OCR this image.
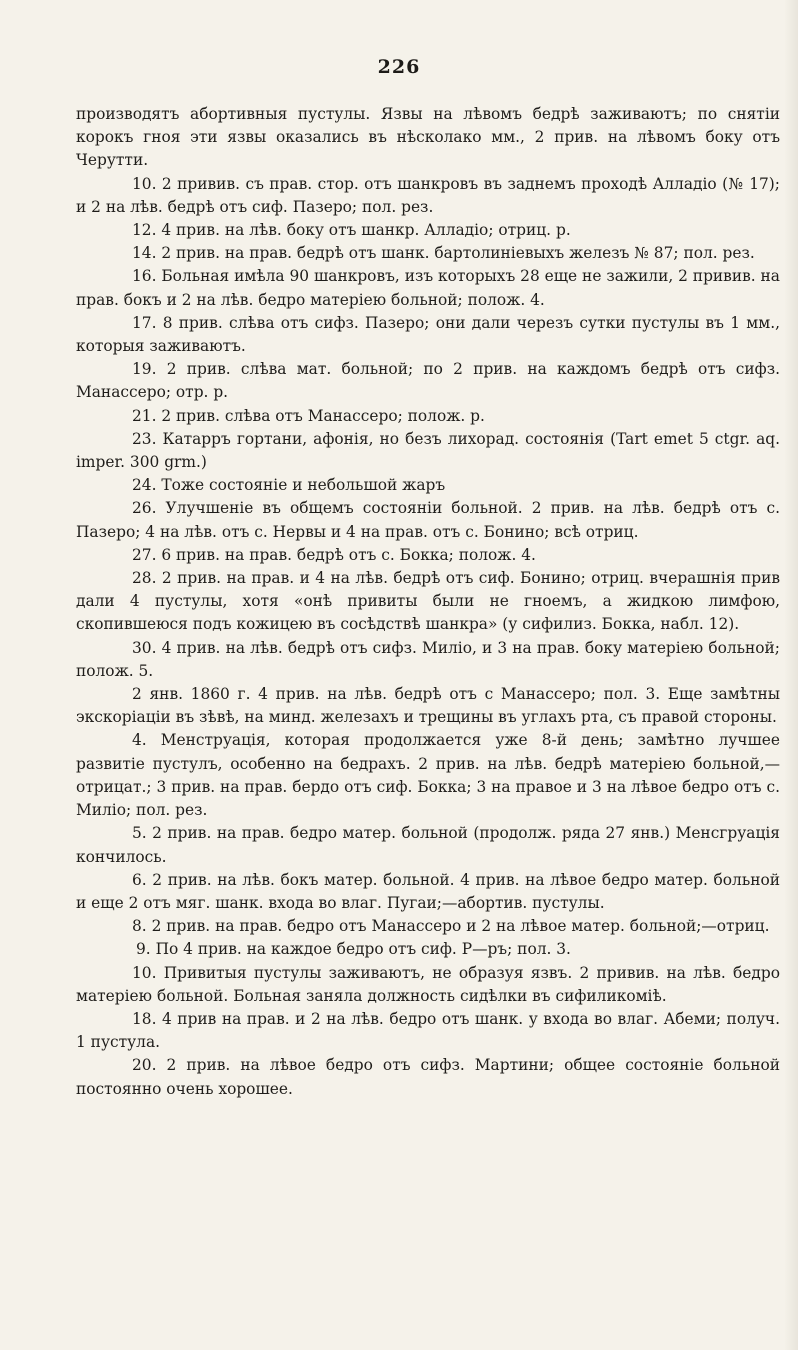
226

производятъ абортивныя пустулы. Язвы на лѣвомъ бедрѣ заживаютъ; по снятіи корокъ гноя эти язвы оказались въ нѣсколако мм., 2 прив. на лѣвомъ боку отъ Черутти.

10. 2 привив. съ прав. стор. отъ шанкровъ въ заднемъ проходѣ Алладіо (№ 17); и 2 на лѣв. бедрѣ отъ сиф. Пазеро; пол. рез.

12. 4 прив. на лѣв. боку отъ шанкр. Алладіо; отриц. р.

14. 2 прив. на прав. бедрѣ отъ шанк. бартолиніевыхъ железъ № 87; пол. рез.

16. Больная имѣла 90 шанкровъ, изъ которыхъ 28 еще не зажили, 2 привив. на прав. бокъ и 2 на лѣв. бедро матеріею больной; полож. 4.

17. 8 прив. слѣва отъ сифз. Пазеро; они дали черезъ сутки пустулы въ 1 мм., которыя заживаютъ.

19. 2 прив. слѣва мат. больной; по 2 прив. на каждомъ бедрѣ отъ сифз. Манассеро; отр. р.

21. 2 прив. слѣва отъ Манассеро; полож. р.

23. Катарръ гортани, афонія, но безъ лихорад. состоянія (Tart emet 5 ctgr. aq. imper. 300 grm.)

24. Тоже состояніе и небольшой жаръ

26. Улучшеніе въ общемъ состояніи больной. 2 прив. на лѣв. бедрѣ отъ с. Пазеро; 4 на лѣв. отъ с. Нервы и 4 на прав. отъ с. Бонино; всѣ отриц.

27. 6 прив. на прав. бедрѣ отъ с. Бокка; полож. 4.

28. 2 прив. на прав. и 4 на лѣв. бедрѣ отъ сиф. Бонино; отриц. вчерашнія прив дали 4 пустулы, хотя «онѣ привиты были не гноемъ, а жидкою лимфою, скопившеюся подъ кожицею въ сосѣдствѣ шанкра» (у сифилиз. Бокка, набл. 12).

30. 4 прив. на лѣв. бедрѣ отъ сифз. Миліо, и 3 на прав. боку матеріею больной; полож. 5.

2 янв. 1860 г. 4 прив. на лѣв. бедрѣ отъ с Манассеро; пол. 3. Еще замѣтны экскоріаціи въ зѣвѣ, на минд. железахъ и трещины въ углахъ рта, съ правой стороны.

4. Менструація, которая продолжается уже 8-й день; замѣтно лучшее развитіе пустулъ, особенно на бедрахъ. 2 прив. на лѣв. бедрѣ матеріею больной,—отрицат.; 3 прив. на прав. бердо отъ сиф. Бокка; 3 на правое и 3 на лѣвое бедро отъ с. Миліо; пол. рез.

5. 2 прив. на прав. бедро матер. больной (продолж. ряда 27 янв.) Менсгруація кончилось.

6. 2 прив. на лѣв. бокъ матер. больной. 4 прив. на лѣвое бедро матер. больной и еще 2 отъ мяг. шанк. входа во влаг. Пугаи;—абортив. пустулы.

8. 2 прив. на прав. бедро отъ Манассеро и 2 на лѣвое матер. больной;—отриц.

9. По 4 прив. на каждое бедро отъ сиф. Р—ръ; пол. 3.

10. Привитыя пустулы заживаютъ, не образуя язвъ. 2 привив. на лѣв. бедро матеріею больной. Больная заняла должность сидѣлки въ сифиликоміѣ.

18. 4 прив на прав. и 2 на лѣв. бедро отъ шанк. у входа во влаг. Абеми; получ. 1 пустула.

20. 2 прив. на лѣвое бедро отъ сифз. Мартини; общее состояніе больной постоянно очень хорошее.
